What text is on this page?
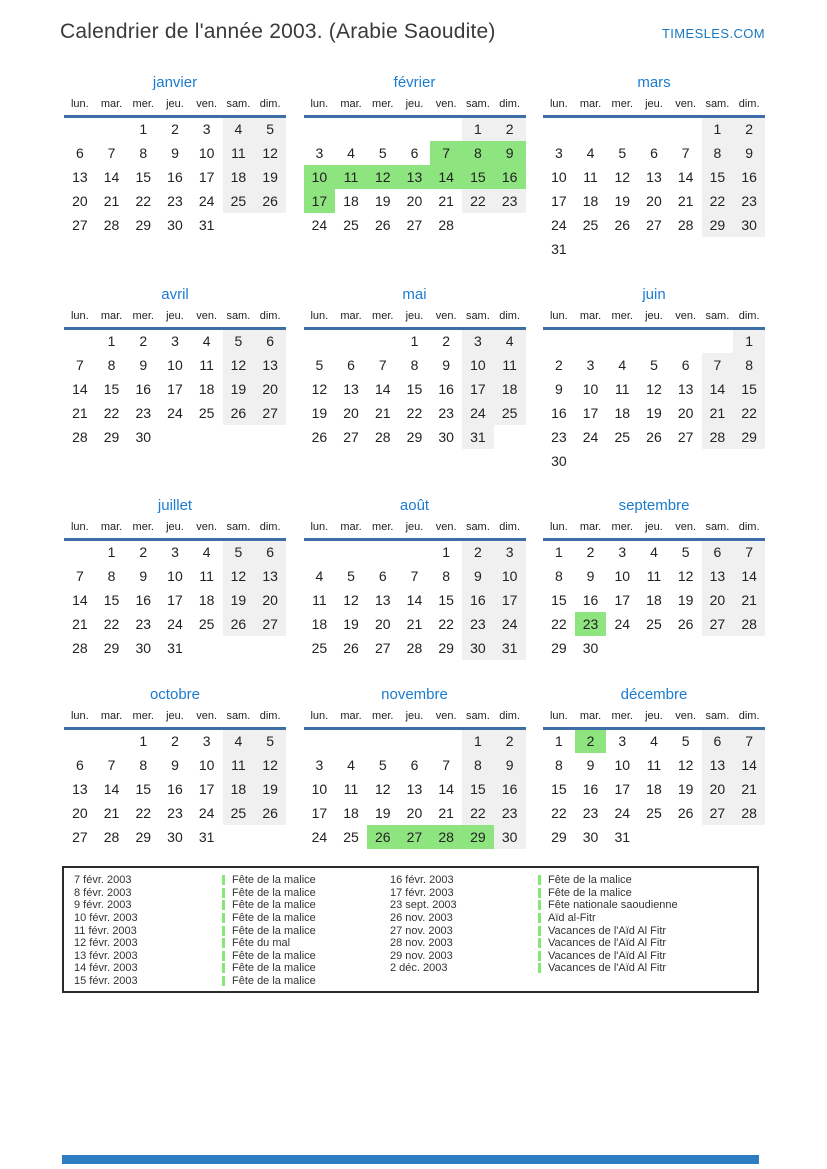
Calendrier de l'année 2003. (Arabie Saoudite)	TIMESLES.COM
janvier
lun.	mar.	mer.	jeu.	ven.	sam.	dim.
		1	2	3	4	5
6	7	8	9	10	11	12
13	14	15	16	17	18	19
20	21	22	23	24	25	26
27	28	29	30	31		
février
lun.	mar.	mer.	jeu.	ven.	sam.	dim.
					1	2
3	4	5	6	7	8	9
10	11	12	13	14	15	16
17	18	19	20	21	22	23
24	25	26	27	28		
mars
lun.	mar.	mer.	jeu.	ven.	sam.	dim.
					1	2
3	4	5	6	7	8	9
10	11	12	13	14	15	16
17	18	19	20	21	22	23
24	25	26	27	28	29	30
31						
avril
lun.	mar.	mer.	jeu.	ven.	sam.	dim.
	1	2	3	4	5	6
7	8	9	10	11	12	13
14	15	16	17	18	19	20
21	22	23	24	25	26	27
28	29	30				
mai
lun.	mar.	mer.	jeu.	ven.	sam.	dim.
			1	2	3	4
5	6	7	8	9	10	11
12	13	14	15	16	17	18
19	20	21	22	23	24	25
26	27	28	29	30	31	
juin
lun.	mar.	mer.	jeu.	ven.	sam.	dim.
						1
2	3	4	5	6	7	8
9	10	11	12	13	14	15
16	17	18	19	20	21	22
23	24	25	26	27	28	29
30						
juillet
lun.	mar.	mer.	jeu.	ven.	sam.	dim.
	1	2	3	4	5	6
7	8	9	10	11	12	13
14	15	16	17	18	19	20
21	22	23	24	25	26	27
28	29	30	31			
août
lun.	mar.	mer.	jeu.	ven.	sam.	dim.
				1	2	3
4	5	6	7	8	9	10
11	12	13	14	15	16	17
18	19	20	21	22	23	24
25	26	27	28	29	30	31
septembre
lun.	mar.	mer.	jeu.	ven.	sam.	dim.
1	2	3	4	5	6	7
8	9	10	11	12	13	14
15	16	17	18	19	20	21
22	23	24	25	26	27	28
29	30					
octobre
lun.	mar.	mer.	jeu.	ven.	sam.	dim.
		1	2	3	4	5
6	7	8	9	10	11	12
13	14	15	16	17	18	19
20	21	22	23	24	25	26
27	28	29	30	31		
novembre
lun.	mar.	mer.	jeu.	ven.	sam.	dim.
					1	2
3	4	5	6	7	8	9
10	11	12	13	14	15	16
17	18	19	20	21	22	23
24	25	26	27	28	29	30
décembre
lun.	mar.	mer.	jeu.	ven.	sam.	dim.
1	2	3	4	5	6	7
8	9	10	11	12	13	14
15	16	17	18	19	20	21
22	23	24	25	26	27	28
29	30	31				
7 févr. 2003	Fête de la malice
8 févr. 2003	Fête de la malice
9 févr. 2003	Fête de la malice
10 févr. 2003	Fête de la malice
11 févr. 2003	Fête de la malice
12 févr. 2003	Fête du mal
13 févr. 2003	Fête de la malice
14 févr. 2003	Fête de la malice
15 févr. 2003	Fête de la malice
16 févr. 2003	Fête de la malice
17 févr. 2003	Fête de la malice
23 sept. 2003	Fête nationale saoudienne
26 nov. 2003	Aïd al-Fitr
27 nov. 2003	Vacances de l'Aïd Al Fitr
28 nov. 2003	Vacances de l'Aïd Al Fitr
29 nov. 2003	Vacances de l'Aïd Al Fitr
2 déc. 2003	Vacances de l'Aïd Al Fitr
